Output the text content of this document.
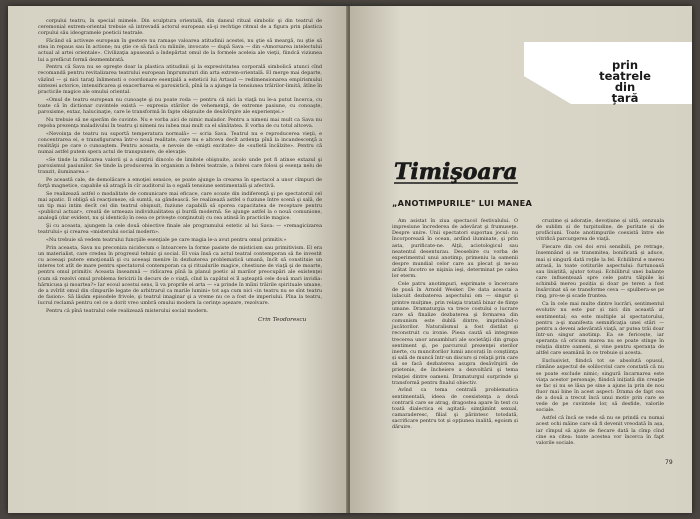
corpului teatru, în special mimele. Din sculptura orientală, din dansul ritual simbolic şi din teatrul de ceremonial extrem-oriental trebuie să intrevadă actorul european să-şi rechtige ritmul de a figura prin plastica corpului său ideogramele poeticii teatrale.

Făcând să activeze european în gestere nu ramaşe valoarea atitudinii acestei, nu ştie să meargă, nu ştie să stea in repaus sau în actione; nu ştie ce să facă cu mîinile, invocate — după Sava — din «Amorsarea intelectului actual al artei orientale». Civilizaţia apuseană a îndepărtat omul de la formele aceleia ale vieţii, fiindcă viziunea lui a prefăcut formă dezmembratâ.

Pentru că Sava nu se opreşte doar la plastica atitudinii şi la expresivitatea corporală simbolică atunci cînd recomandă pentru revitalizarea teatrului european împrumuturi din arta extrem-orientală. El merge mai departe, văzînd — şi nici taraţi înlimensti o coordonare esenţială a esteticii lui Artaud — redimensionarea empirismului sintezei actorice, intensificarea şi exacerbarea ei paroxistică, pînă la a ajunge la tensiunea trăirilor-limită, ătîne în practicile magice ale omului oriental.

«Omul de teatru european nu cunoaşte şi nu poate roda — pentru că nici la viaţă nu le-a putut încerca, cu toate că în dictionar cuvintele există — expresia stărilor de vehemenţă, de extreme pasiune, cu conoaşte, paroxisme, extaz, halucinaţie, care le transformă în fapte obişnuite de desăvîrşire ale experienţei.»

Nu trebuie să ne sperăm de cuvinte. Nu e vorba aici de nimic malador. Pentru a nimeni mai mult ca Sava nu repoba prezenţa maladivului în teatru şi nimeni nu iubea mai mult ca el sănătatea. E vorba de cu totul altceva.

«Nevoinţa de teatru nu suportă temperatura normală» — scria Sava. Teatrul nu e reproducerea vieţii, e concentrarea ei, e transfigurarea într-o nouă realitate, care nu e altceva decît ardenţa pînă la incandescenţă a realităţii pe care o cunoaştem. Pentru aceasta, e nevoie de «mişti excitate» de «sufletă încălzite». Pentru că numai astfel putem spera actul de transpunere, de elevaţie:

«Se tinde la ridicarea valorii şi a simţirii dincolo de limitele obişnuite, acolo unde pot fi atinse extazul şi paroxismul pasiunilor. Se tinde la producerea în organism a febrei teatrale, a febrei care folosi şi esenţa nelu de tranzit, iluminarea.»

Pe această cale, de demolăcare a emoţiei sensice, se poate ajunge la crearea în spectacol a unor cîmpuri de forţă magnetice, capabile să atragă în cîr auditorul la o egală tensiune sentimentală şi afectivă.

Se realizează astfel o modalitate de comunicare mai eficace, care scoate din indiferenţă şi pe spectatorul cel mai apatic. Il obligă să reacţioneze, să sumtă, sa gândească. Se realizează astfel o fuziune între scenă şi sală, de un tip mai intim decît cel din teatrul obişnuit, fuziune capabilă să sporea capacitatea de receptare pentru «publicul actuar», creată de urmeaza individualitatea şi burdă modernă. Se ajunge astfel la o nouă comunione, analogă (dar evident, nu şi identică) în ceea ce priveşte conţinutul) cu cea atinsă în practicile magice.

Şi cu aceasta, ajungem la cele două obiective finale ale programului estetic al lui Sava: — «remagicizarea teatrului» şi crearea «misterului social modern».

«Nu trebuie să vedem teatrului funcţiile esenţiale pe care magia le-a avut pentru omul primitiv.»

Prin aceasta, Sava nu preconiza nicidecum o întoarcere la forme pasiste de misticism sau primitivism. El era un materialist, care credea în progresul tehnic şi social. El voia însă ca actul teatral contemporan să fie investit cu aceeaşi putere emoţională şi cu aceeaşi menire în dezbaterea problematică umană, încît să constituie un interes tot atît de mare pentru spectatorul contemporan ca şi ritualurile magice, chestiune de viaţă şi de moarte, pentru omul primitiv. Aceasta înseamnă — ridicarea pînă la planul poetic al marilor preocupări ale existenţei (cum să rezolvi omul problema fericirii în decurs de o viaţă, cînd la capătul ei îl aşteaptă cele două mari invidia: hărnicusa şi moartea?» Iar ecoul acestui sens, îi va proprile el arta — «a prinde în mîini trăirile spirituale umane, de a zvîrlit omul din cîmpurile legate de arbitrarul ca marile lumini» tot aşa cum nici «in teatru nu se sînt teatru de fasion». Să lăsăm episodele frivole, şi teatrul imaginar şi a vreme nu ce a fost de imperiului. Pîna la teatru, lucrul reclamă pentru cel ce a dorit vreo umbră omului modern la cerinţe aşezare, rezolvare.

Pentru că pînă teatralul cele realizează misterului social modern.

Crin Teodorescu
prin
teatrele
din
ţară
Timişoara
„ANOTIMPURILE" LUI MANEA

Am asistat în ziua spectacol festivalului. O impresiune încrederea de adevărat şi frumuseţe. Despre unire. Unii spectatori suportau jocul: nu încorporează în ocean, ardînd iluminate, şi prin asta, purificate-ne. Alţii, aciotologicul sau neatentul desenturau. Deosebire cu vorba de experimentul unui anotimp, primeniu la oamenii despre mundial celor care au plecat şi ne-au arătat încotro se nişinia ieşi, determinat pe calea lor eterm.

Cele patru anotimpuri, esprimate o încercare de pusă în Arnold Wesker. De data aceasta a iulacuit dezbaterea aspectului om — singur şi printre mulţime, prin relaţia tratată binar de fiinţe umane. Dramaturgia va trece costului o lucrare care să finalize dezbaterea şi formarea din comunism este dublă dintre, imprimând-o jucătorilor. Naturalismul a fost distilat şi reconstruit cu ironie. Piesa caută să integreze trecerea unor ansambluri ale societăţii din grupa sentiment şi, pe parcursul prezenţei sterilor inerte, cu muncitorilor lumii ancorați în conştiinţa și sală de muncă într-un discurs și relaţii prin care să se facă dezbaterea asupra desăvîrşirii de prietenie, de încheiere a dezvoltării şi tema relaţiei dintre oameni. Dramaturgul surprinde şi transformă pentru finalul obiectiv.

Avînd ca tema centrală problematica sentimentală, ideea de coexistenţa a două contrarii care se atrag, dragostea apare în text cu toată dialectica ei agitată: simţămînt sexual, camaraderesc, filial şi părintesc totodată, sacrificare pentru tot și opţiunea inalită, egoism și dăruire.

cruzime și adorație, devoțiune și uită, senzuala de sublim și de turpitudine, de puritate și de profăciuni. Toate anotimpurile coexistă între ele vitrifică parcurgerea de viaţă.

Fiecare din cei doi eroi sensibili, pe retrage, însemnând și se transmitea, bonificată și aduce, mai și singură dată roţile la fel. Echilibrul e mereu atrasă, la toate cotiturile aspectului: furtunoasă sau liniștită, ajutor totuși. Echilibrul unei balanțe care influențează spre cele patru tălpiile își schimbă mereu poziția și doar pe teren a fost însărcinat să se transforme ceva — spulbera-se pe ring, pro-se şi scade fruntea.

Ca în cele mai multe dintre lucrări, sentimentul evolutiv nu este pur și nici din această ar sentimental; ea este multiple al spectatorului, pentru a-şi manifesta semnificaţia unei stări — pentru a deveni adevărată viaţă, ar putea trăi doar într-un singur anotimp. Ea se fericește, iar speranța că oricum marea nu se poate stinge în relația dintre oameni, și vine pentru speranța de altfel care seamănă în ce trebuie și acesta.

Exclusivist, fiindcă tot se absolută opusul, rămâne aspectul de solilocviul care constată că nu se poate exclude nimic; singură încarnarea este viaţa acestor personaje, fiindcă inițiată din creaţie se fac și nu se lăsa pe sine a ajuns la prin de nou fluor mai bine în acest aspect: Drama de fapt cea de a două a trecut încă unui motiv prin care se vede de pe cuvintele lor, să desfide, valorile sociale.

Astfel că încă se vede să nu se prindă cu numai acest ochi mâine care să fi devenit vreodată în așa, iar cîmpul să ajute de fiecare dată la cîmp cînd cine ea citea: toate acestea vor încerca în fapt valorile sociale.

79
